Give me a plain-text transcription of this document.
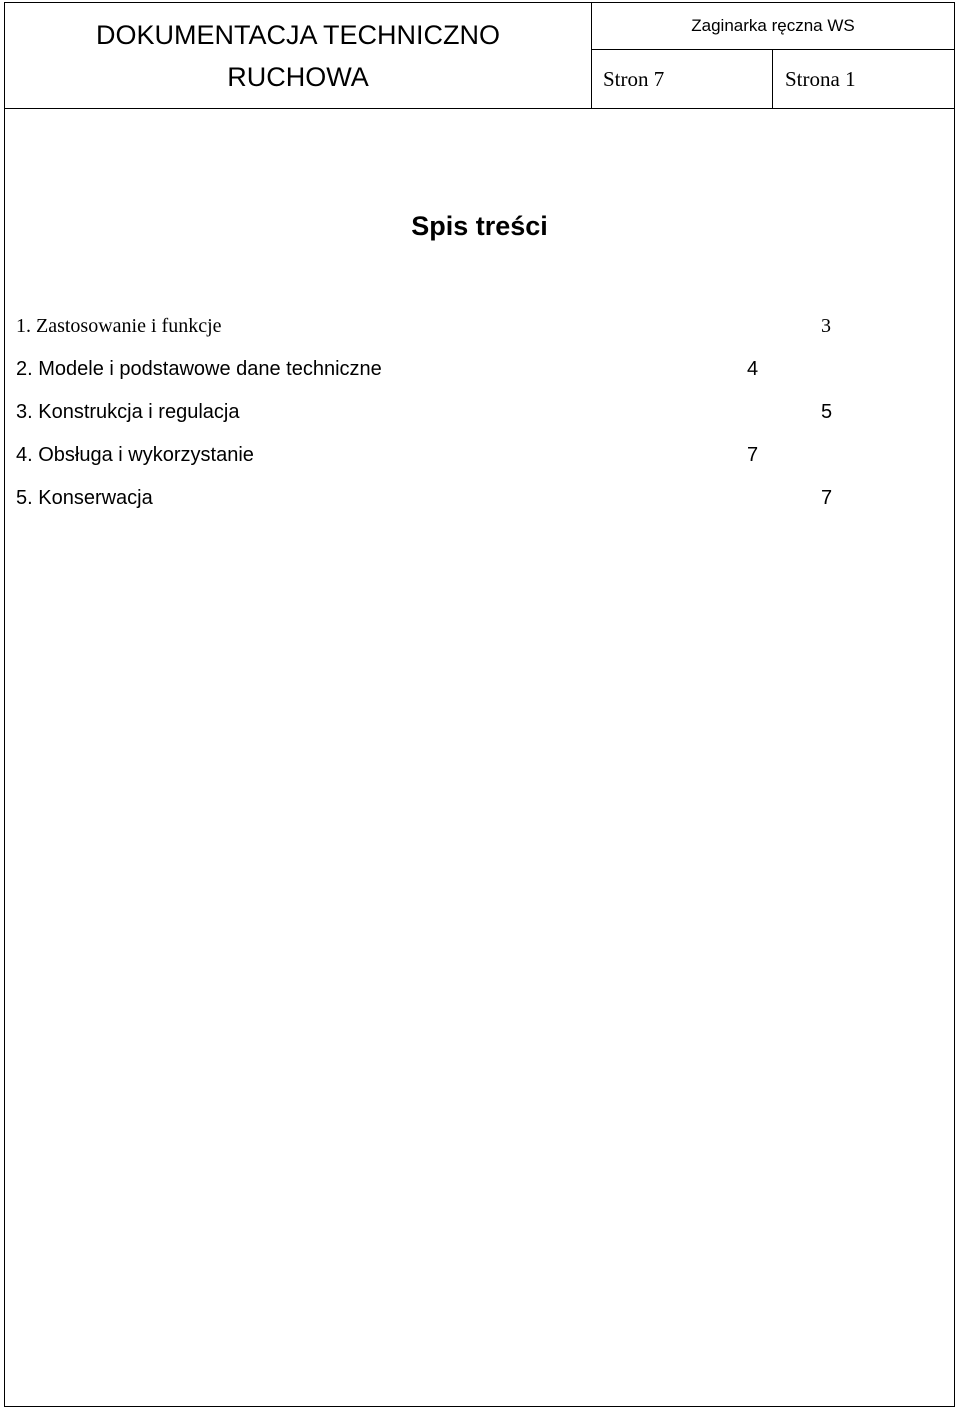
DOKUMENTACJA TECHNICZNO
RUCHOWA
Zaginarka ręczna WS
Stron 7	Strona 1
Spis treści
1. Zastosowanie i funkcje	3
2. Modele i podstawowe dane techniczne	4
3. Konstrukcja i regulacja	5
4. Obsługa i wykorzystanie	7
5. Konserwacja	7
